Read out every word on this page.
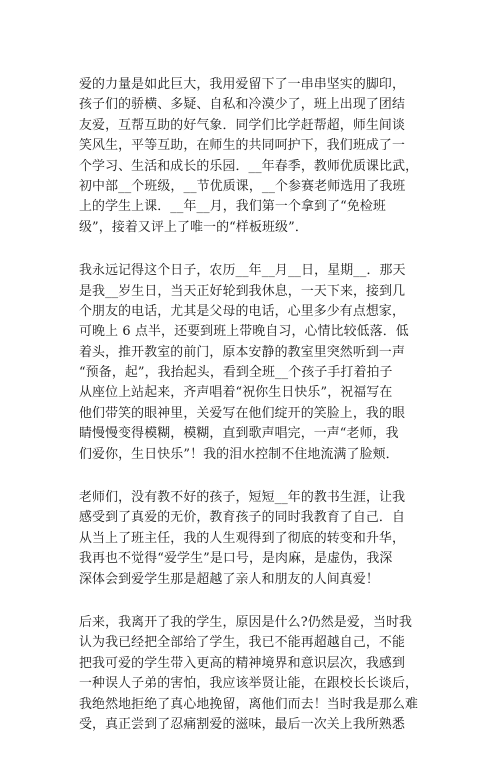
爱的力量是如此巨大，我用爱留下了一串串坚实的脚印，
孩子们的骄横、多疑、自私和冷漠少了，班上出现了团结
友爱，互帮互助的好气象．同学们比学赶帮超，师生间谈
笑风生，平等互助，在师生的共同呵护下，我们班成了一
个学习、生活和成长的乐园．__年春季，教师优质课比武，
初中部__个班级，__节优质课，__个参赛老师选用了我班
上的学生上课．__年__月，我们第一个拿到了“免检班
级”，接着又评上了唯一的“样板班级”．

我永远记得这个日子，农历__年__月__日，星期__．那天
是我__岁生日，当天正好轮到我休息，一天下来，接到几
个朋友的电话，尤其是父母的电话，心里多少有点想家，
可晚上 6 点半，还要到班上带晚自习，心情比较低落．低
着头，推开教室的前门，原本安静的教室里突然听到一声
“预备，起”，我抬起头，看到全班__个孩子手打着拍子
从座位上站起来，齐声唱着“祝你生日快乐”，祝福写在
他们带笑的眼神里，关爱写在他们绽开的笑脸上，我的眼
睛慢慢变得模糊，模糊，直到歌声唱完，一声“老师，我
们爱你，生日快乐”！我的泪水控制不住地流满了脸颊．

老师们，没有教不好的孩子，短短__年的教书生涯，让我
感受到了真爱的无价，教育孩子的同时我教育了自己．自
从当上了班主任，我的人生观得到了彻底的转变和升华，
我再也不觉得“爱学生”是口号，是肉麻，是虚伪，我深
深体会到爱学生那是超越了亲人和朋友的人间真爱！

后来，我离开了我的学生，原因是什么?仍然是爱，当时我
认为我已经把全部给了学生，我已不能再超越自己，不能
把我可爱的学生带入更高的精神境界和意识层次，我感到
一种误人子弟的害怕，我应该举贤让能，在跟校长长谈后，
我绝然地拒绝了真心地挽留，离他们而去！当时我是那么难
受，真正尝到了忍痛割爱的滋味，最后一次关上我所熟悉
